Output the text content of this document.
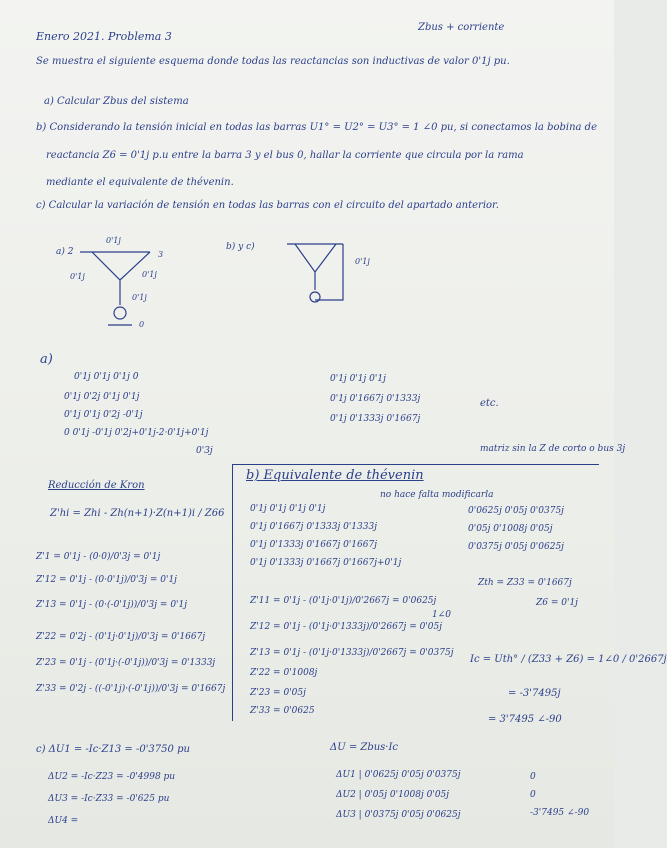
Enero 2021. Problema 3
Zbus + corriente
Se muestra el siguiente esquema donde todas las reactancias son inductivas de valor 0'1j pu.
a) Calcular Zbus del sistema
b) Considerando la tensión inicial en todas las barras U1° = U2° = U3° = 1 ∠0 pu, si conectamos la bobina de
reactancia Z6 = 0'1j p.u entre la barra 3 y el bus 0, hallar la corriente que circula por la rama
mediante el equivalente de thévenin.
c) Calcular la variación de tensión en todas las barras con el circuito del apartado anterior.
a) 2
0'1j
3
0'1j	0'1j
0'1j
0
b) y c)
0'1j
a)
0'1j 0'1j 0'1j 0
0'1j 0'2j 0'1j 0'1j
0'1j 0'1j 0'2j -0'1j
0 0'1j -0'1j 0'2j+0'1j-2·0'1j+0'1j
0'3j
0'1j 0'1j 0'1j
0'1j 0'1667j 0'1333j
0'1j 0'1333j 0'1667j
etc.
Reducción de Kron
Z'hi = Zhi - Zh(n+1)·Z(n+1)i / Z66
Z'1 = 0'1j - (0·0)/0'3j = 0'1j
Z'12 = 0'1j - (0·0'1j)/0'3j = 0'1j
Z'13 = 0'1j - (0·(-0'1j))/0'3j = 0'1j
Z'22 = 0'2j - (0'1j·0'1j)/0'3j = 0'1667j
Z'23 = 0'1j - (0'1j·(-0'1j))/0'3j = 0'1333j
Z'33 = 0'2j - ((-0'1j)·(-0'1j))/0'3j = 0'1667j
b) Equivalente de thévenin
matriz sin la Z de corto o bus 3j
no hace falta modificarla
0'1j 0'1j 0'1j 0'1j
0'1j 0'1667j 0'1333j 0'1333j
0'1j 0'1333j 0'1667j 0'1667j
0'1j 0'1333j 0'1667j 0'1667j+0'1j
Z'11 = 0'1j - (0'1j·0'1j)/0'2667j = 0'0625j
Z'12 = 0'1j - (0'1j·0'1333j)/0'2667j = 0'05j
Z'13 = 0'1j - (0'1j·0'1333j)/0'2667j = 0'0375j
Z'22 = 0'1008j
Z'23 = 0'05j
Z'33 = 0'0625
0'0625j 0'05j 0'0375j
0'05j 0'1008j 0'05j
0'0375j 0'05j 0'0625j
Zth = Z33 = 0'1667j
Z6 = 0'1j
1∠0
Ic = Uth° / (Z33 + Z6) = 1∠0 / 0'2667j
= -3'7495j
= 3'7495 ∠-90
c) ΔU1 = -Ic·Z13 = -0'3750 pu
ΔU2 = -Ic·Z23 = -0'4998 pu
ΔU3 = -Ic·Z33 = -0'625 pu
ΔU4 =
ΔU = Zbus·Ic
ΔU1 | 0'0625j 0'05j 0'0375j
ΔU2 | 0'05j 0'1008j 0'05j
ΔU3 | 0'0375j 0'05j 0'0625j
0
0
-3'7495 ∠-90
